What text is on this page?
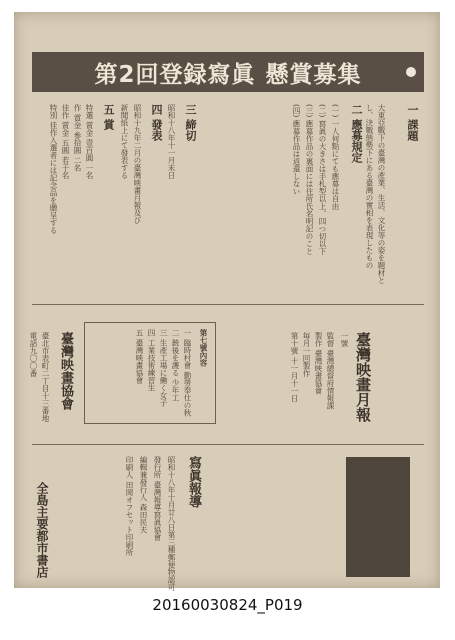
第2回登録寫眞 懸賞募集
一 課題
大東亞戰下の臺灣の產業、生活、文化等の姿を題材と
し、決戰態勢下にある臺灣の實相を表現したもの
二 應募規定
(一) 一人何點にても應募は自由
(二) 寫眞の大きさは手札型以上、四つ切以下
(三) 應募作品の裏面には住所氏名明記のこと
(四) 應募作品は返還しない
三 締切
昭和十八年十一月末日
四 發表
昭和十九年二月の臺灣映畫月報及び
新聞紙上にて發表する
五 賞
特選 賞金 壹百圓 一名
作 賞金 參拾圓 二名
佳作 賞金 五圓 若干名
特別 佳作入選者には記念品を贈呈する
臺灣映畫月報
一號
監督 臺灣總督府情報課
製作 臺灣映畫協會
毎月一回製作
第十號 十一月十一日
第七號內容
一 臨時村會 勤勞奉仕の秋
二 銃後を護る 少年工
三 生產工場に働く女子
四 工業技術練習生
五 臺灣映畫協會
臺灣映畫協會
臺北市表町二丁目十三番地
電話九〇〇番
寫眞報導
昭和十八年十月廿八日第三種郵便物認可
發行所 臺灣報導寫眞協會
編輯兼發行人 森田民夫
印刷人 田岡オフセット印刷所
全島主要都市書店
20160030824_P019
